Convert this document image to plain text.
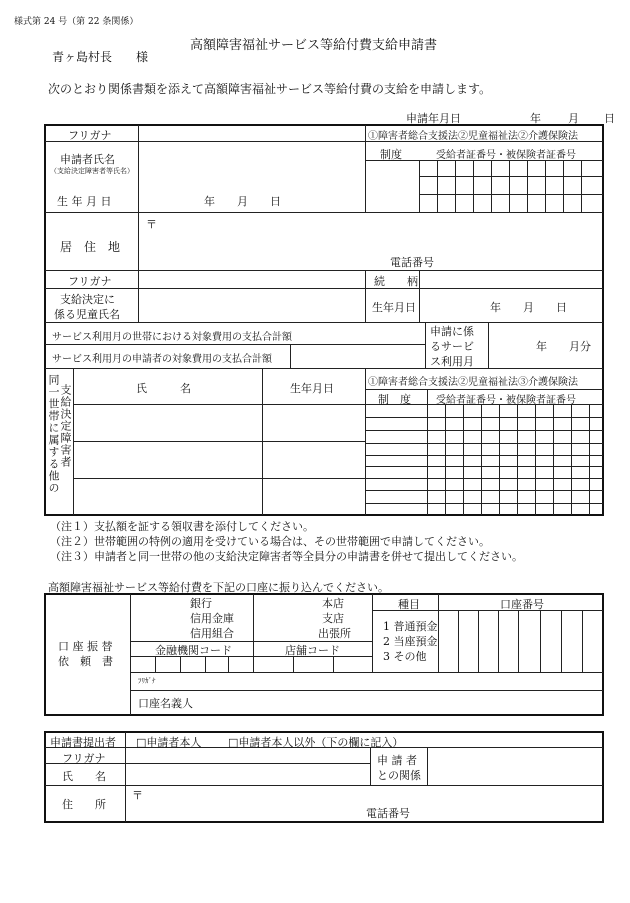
様式第 24 号（第 22 条関係）
高額障害福祉サービス等給付費支給申請書
青ヶ島村長　　様
次のとおり関係書類を添えて高額障害福祉サービス等給付費の支給を申請します。
申請年月日	年 月 日
フリガナ	①障害者総合支援法②児童福祉法②介護保険法
申請者氏名
（支給決定障害者等氏名）
制度	受給者証番号・被保険者証番号
生 年 月 日	年　　月　　日
居　住　地
〒
電話番号
フリガナ	続　　柄
支給決定に
係る児童氏名
生年月日	年　　月　　日
サービス利用月の世帯における対象費用の支払合計額
サービス利用月の申請者の対象費用の支払合計額
申請に係
るサービ
ス利用月
年　　月分
同一世帯に属する他の 支給決定障害者	氏　　　名	生年月日	①障害者総合支援法②児童福祉法③介護保険法
制　度	受給者証番号・被保険者証番号
（注１）支払額を証する領収書を添付してください。
（注２）世帯範囲の特例の適用を受けている場合は、その世帯範囲で申請してください。
（注３）申請者と同一世帯の他の支給決定障害者等全員分の申請書を併せて提出してください。
高額障害福祉サービス等給付費を下記の口座に振り込んでください。
口 座 振 替
依　頼　書
銀行
信用金庫
信用組合
本店
支店
出張所
種目	口座番号
1 普通預金
2 当座預金
3 その他
金融機関コード	店舗コード
ﾌﾘｶﾞﾅ
口座名義人
申請書提出者 □申請者本人 □申請者本人以外（下の欄に記入）
フリガナ
氏　　名
申 請 者
との関係
住　　所
〒
電話番号
